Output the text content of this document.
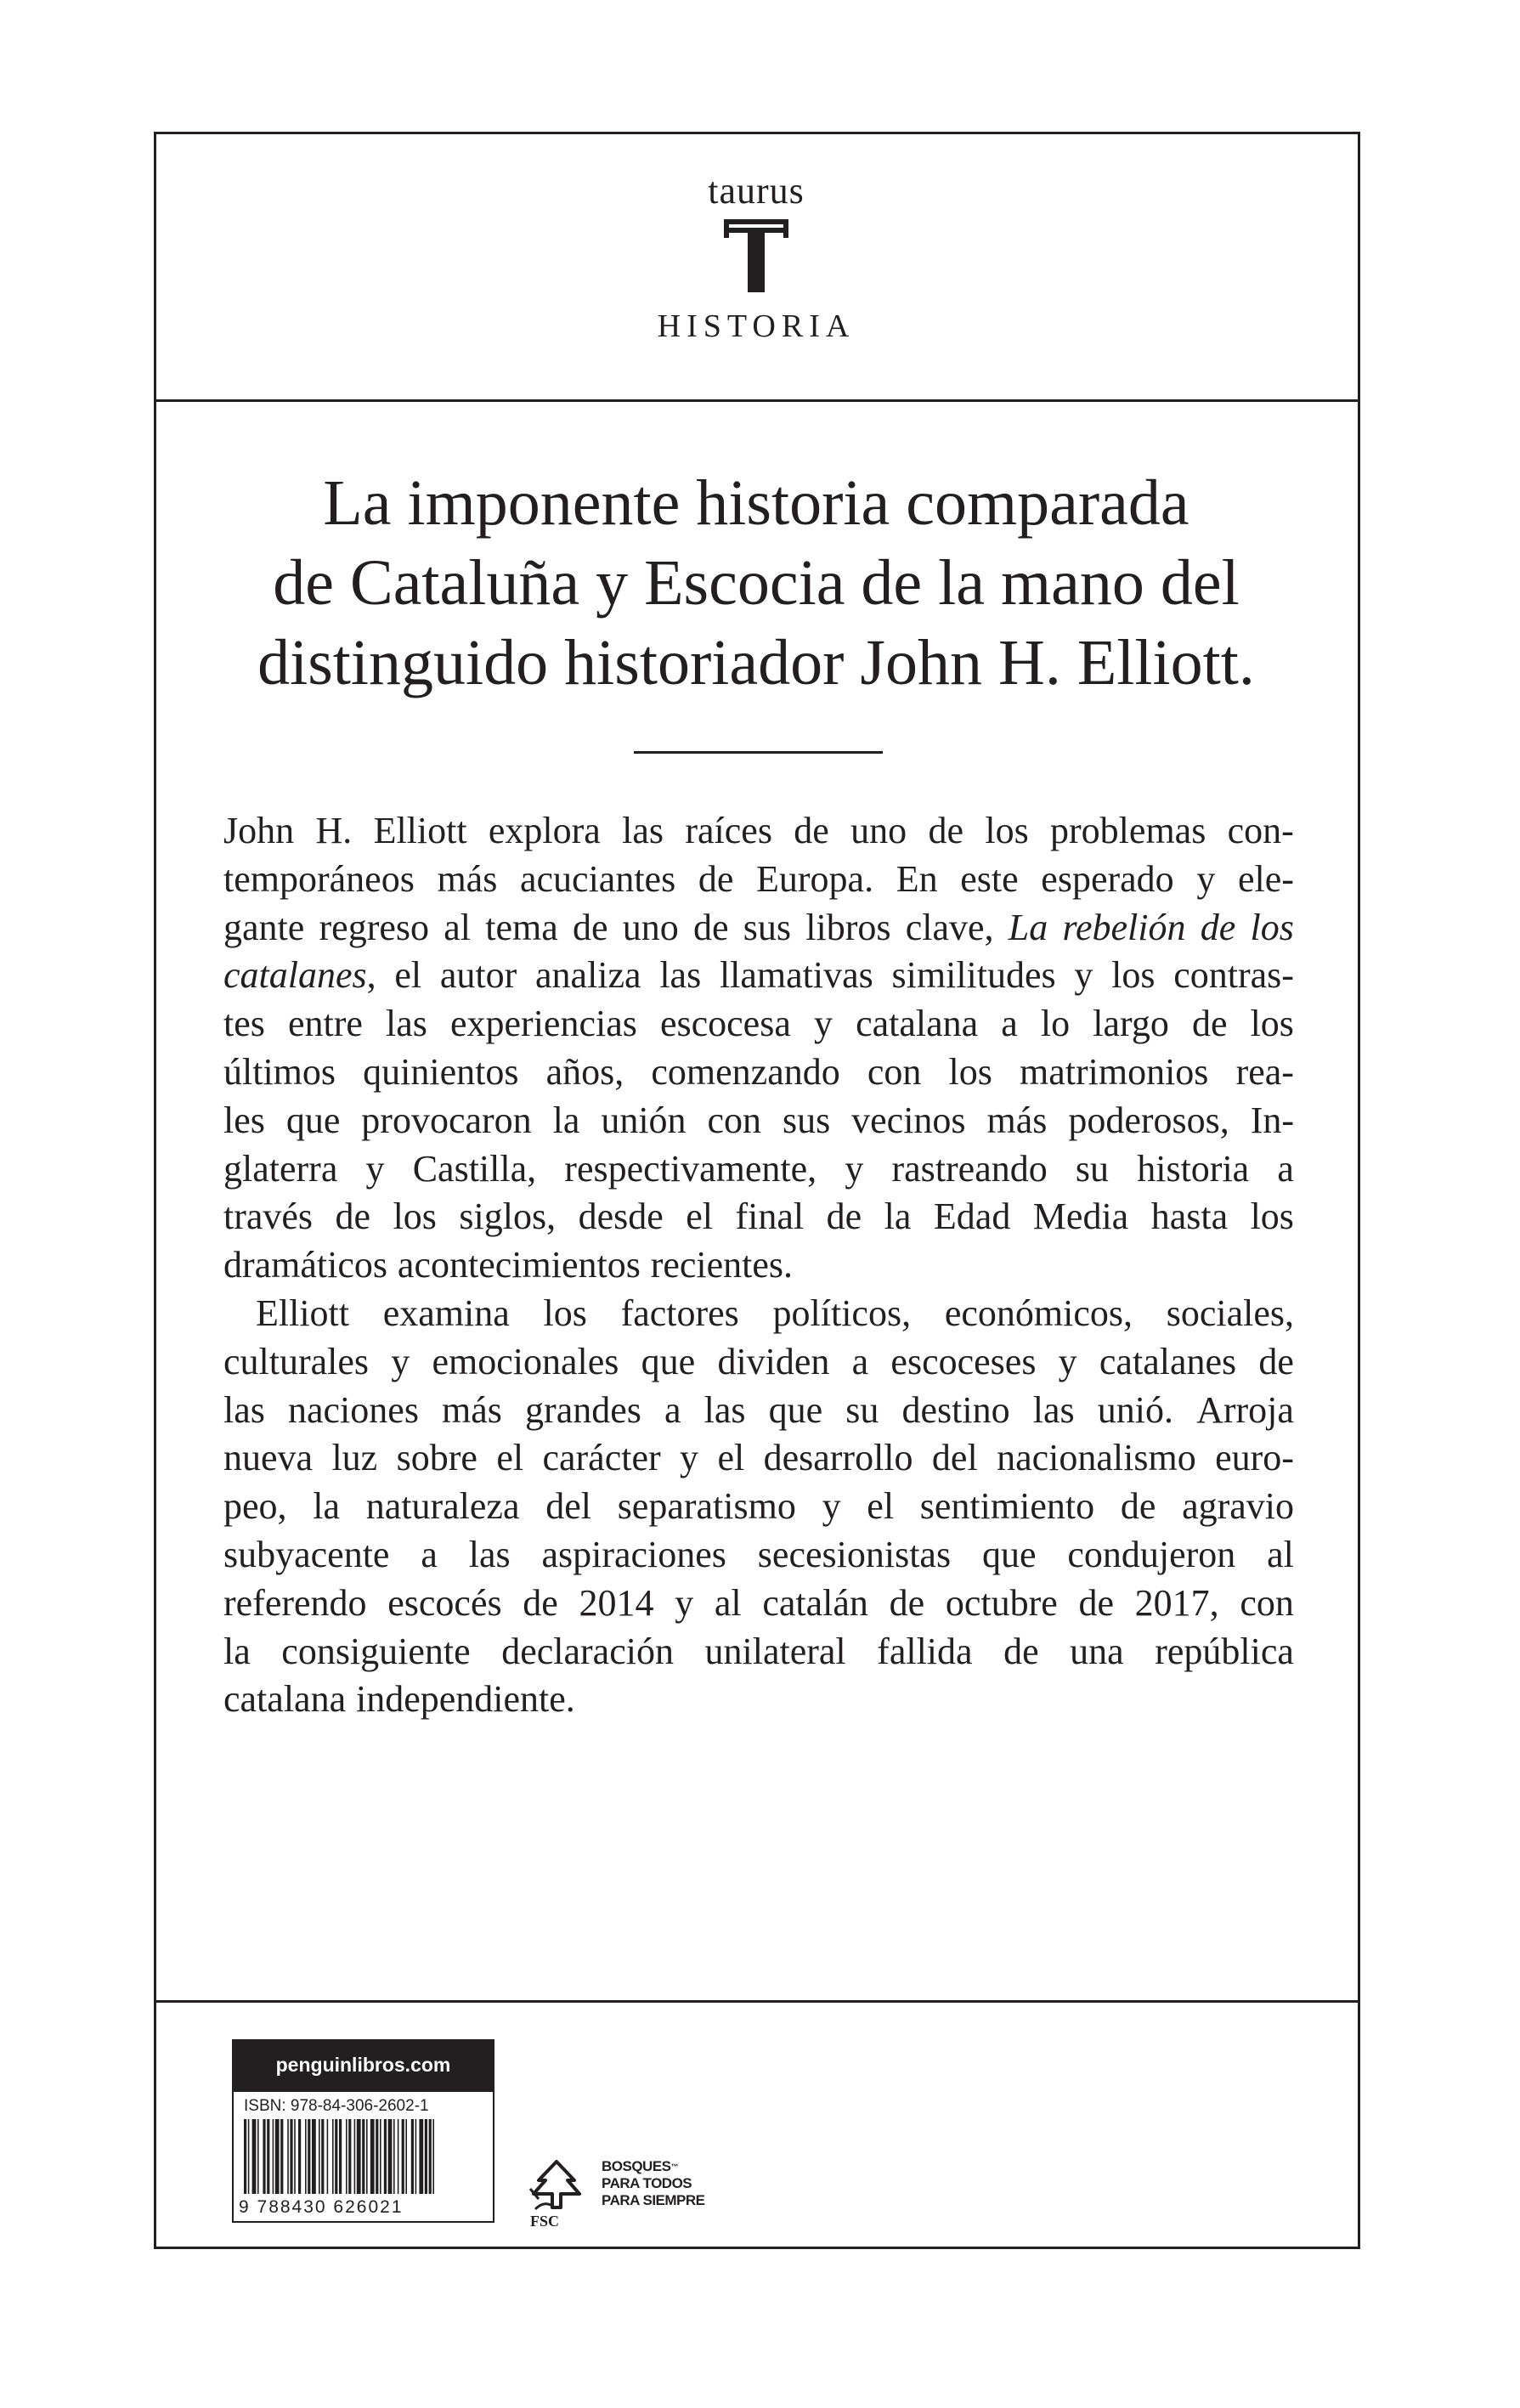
taurus
HISTORIA
La imponente historia comparada
de Cataluña y Escocia de la mano del
distinguido historiador John H. Elliott.
John H. Elliott explora las raíces de uno de los problemas con-
temporáneos más acuciantes de Europa. En este esperado y ele-
gante regreso al tema de uno de sus libros clave, La rebelión de los
catalanes, el autor analiza las llamativas similitudes y los contras-
tes entre las experiencias escocesa y catalana a lo largo de los
últimos quinientos años, comenzando con los matrimonios rea-
les que provocaron la unión con sus vecinos más poderosos, In-
glaterra y Castilla, respectivamente, y rastreando su historia a
través de los siglos, desde el final de la Edad Media hasta los
dramáticos acontecimientos recientes.
Elliott examina los factores políticos, económicos, sociales,
culturales y emocionales que dividen a escoceses y catalanes de
las naciones más grandes a las que su destino las unió. Arroja
nueva luz sobre el carácter y el desarrollo del nacionalismo euro-
peo, la naturaleza del separatismo y el sentimiento de agravio
subyacente a las aspiraciones secesionistas que condujeron al
referendo escocés de 2014 y al catalán de octubre de 2017, con
la consiguiente declaración unilateral fallida de una república
catalana independiente.
penguinlibros.com
ISBN: 978-84-306-2602-1
9 788430 626021
FSC
BOSQUES™
PARA TODOS
PARA SIEMPRE
